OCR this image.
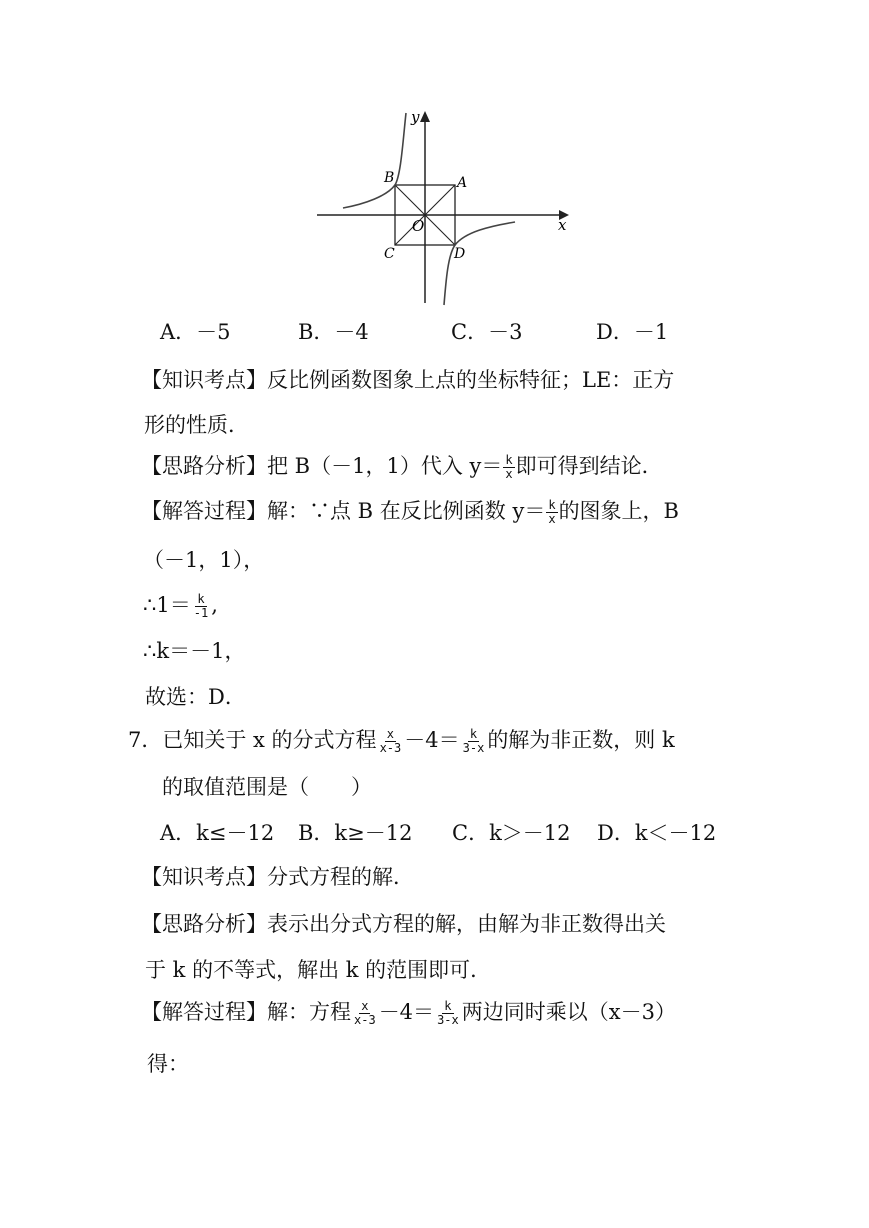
y
x
O
A
B
C	D
A．－5	B．－4	C．－3	D．－1
【知识考点】反比例函数图象上点的坐标特征；LE：正方
形的性质．
【思路分析】把 B（－1，1）代入 $y= \frac{k}{x}$ 即可得到结论．
【解答过程】解：∵点 B 在反比例函数 $y= \frac{k}{x}$ 的图象上，B
（－1，1），
∴1＝ $\frac{k}{-1}$ ,
∴k＝－1，
故选：D．
7．已知关于 x 的分式方程 $\frac{x}{x-3} -4= \frac{k}{3-x}$ 的解为非正数，则 k
的取值范围是（　　）
A．k≤－12 B．k≥－12 C．k＞－12 D．k＜－12
【知识考点】分式方程的解．
【思路分析】表示出分式方程的解，由解为非正数得出关
于 k 的不等式，解出 k 的范围即可．
【解答过程】解：方程 $\frac{x}{x-3} -4= \frac{k}{3-x}$ 两边同时乘以（x－3）
得：
